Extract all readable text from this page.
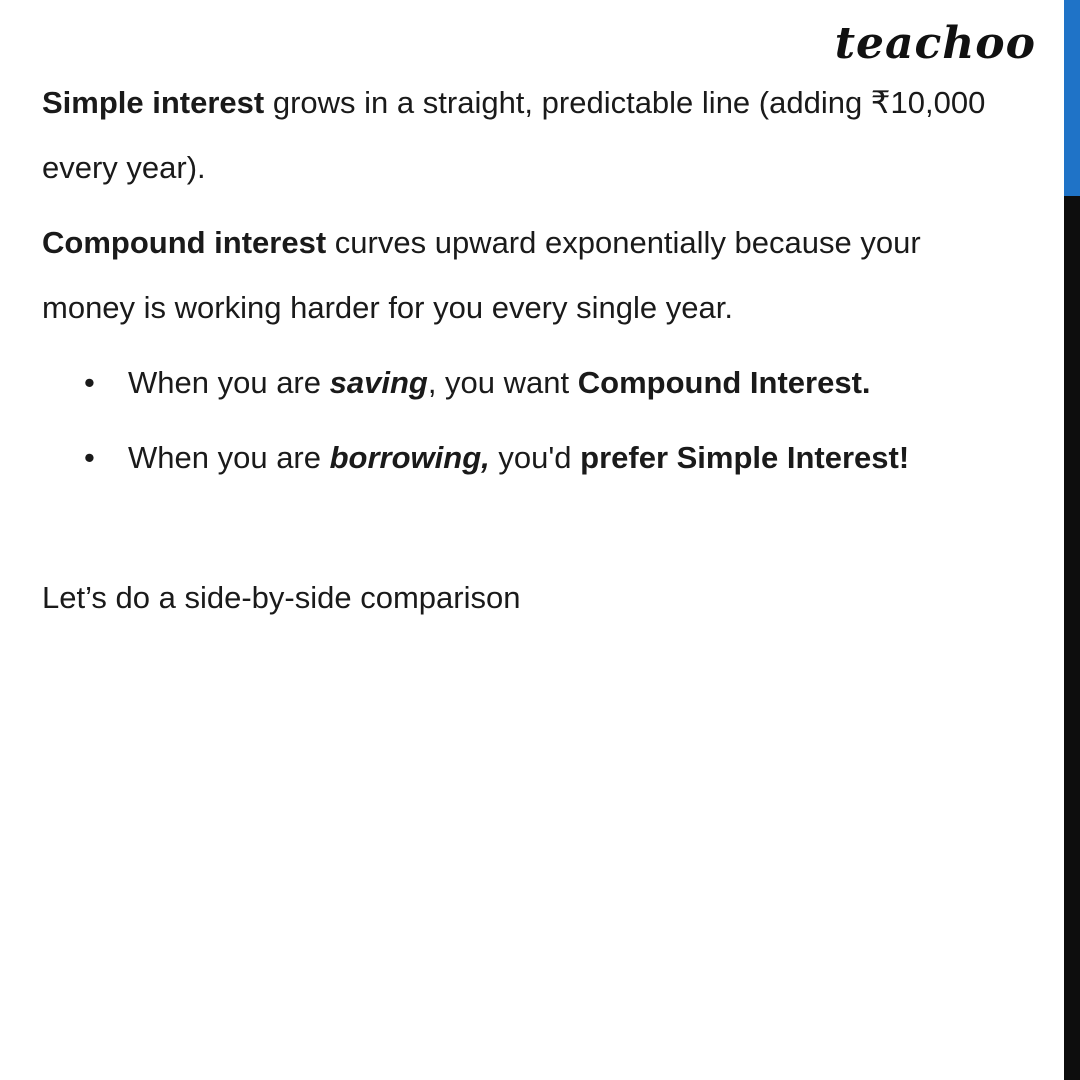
teachoo

Simple interest grows in a straight, predictable line (adding ₹10,000 every year).

Compound interest curves upward exponentially because your money is working harder for you every single year.

• When you are saving, you want Compound Interest.
• When you are borrowing, you'd prefer Simple Interest!

Let’s do a side-by-side comparison
